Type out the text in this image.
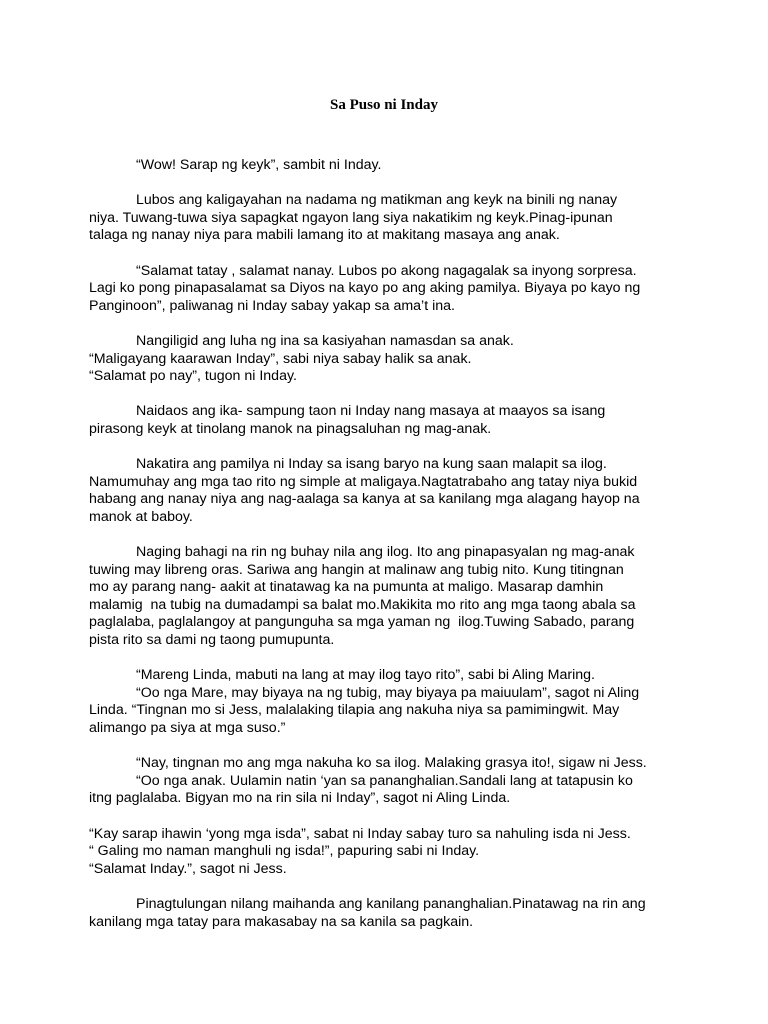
Sa Puso ni Inday
“Wow! Sarap ng keyk”, sambit ni Inday.
Lubos ang kaligayahan na nadama ng matikman ang keyk na binili ng nanay
niya. Tuwang-tuwa siya sapagkat ngayon lang siya nakatikim ng keyk.Pinag-ipunan
talaga ng nanay niya para mabili lamang ito at makitang masaya ang anak.
“Salamat tatay , salamat nanay. Lubos po akong nagagalak sa inyong sorpresa.
Lagi ko pong pinapasalamat sa Diyos na kayo po ang aking pamilya. Biyaya po kayo ng
Panginoon”, paliwanag ni Inday sabay yakap sa ama’t ina.
Nangiligid ang luha ng ina sa kasiyahan namasdan sa anak.
“Maligayang kaarawan Inday”, sabi niya sabay halik sa anak.
“Salamat po nay”, tugon ni Inday.
Naidaos ang ika- sampung taon ni Inday nang masaya at maayos sa isang
pirasong keyk at tinolang manok na pinagsaluhan ng mag-anak.
Nakatira ang pamilya ni Inday sa isang baryo na kung saan malapit sa ilog.
Namumuhay ang mga tao rito ng simple at maligaya.Nagtatrabaho ang tatay niya bukid
habang ang nanay niya ang nag-aalaga sa kanya at sa kanilang mga alagang hayop na
manok at baboy.
Naging bahagi na rin ng buhay nila ang ilog. Ito ang pinapasyalan ng mag-anak
tuwing may libreng oras. Sariwa ang hangin at malinaw ang tubig nito. Kung titingnan
mo ay parang nang- aakit at tinatawag ka na pumunta at maligo. Masarap damhin
malamig  na tubig na dumadampi sa balat mo.Makikita mo rito ang mga taong abala sa
paglalaba, paglalangoy at pangunguha sa mga yaman ng  ilog.Tuwing Sabado, parang
pista rito sa dami ng taong pumupunta.
“Mareng Linda, mabuti na lang at may ilog tayo rito”, sabi bi Aling Maring.
“Oo nga Mare, may biyaya na ng tubig, may biyaya pa maiuulam”, sagot ni Aling
Linda. “Tingnan mo si Jess, malalaking tilapia ang nakuha niya sa pamimingwit. May
alimango pa siya at mga suso.”
“Nay, tingnan mo ang mga nakuha ko sa ilog. Malaking grasya ito!, sigaw ni Jess.
“Oo nga anak. Uulamin natin ‘yan sa pananghalian.Sandali lang at tatapusin ko
itng paglalaba. Bigyan mo na rin sila ni Inday”, sagot ni Aling Linda.
“Kay sarap ihawin ‘yong mga isda”, sabat ni Inday sabay turo sa nahuling isda ni Jess.
“ Galing mo naman manghuli ng isda!”, papuring sabi ni Inday.
“Salamat Inday.”, sagot ni Jess.
Pinagtulungan nilang maihanda ang kanilang pananghalian.Pinatawag na rin ang
kanilang mga tatay para makasabay na sa kanila sa pagkain.
